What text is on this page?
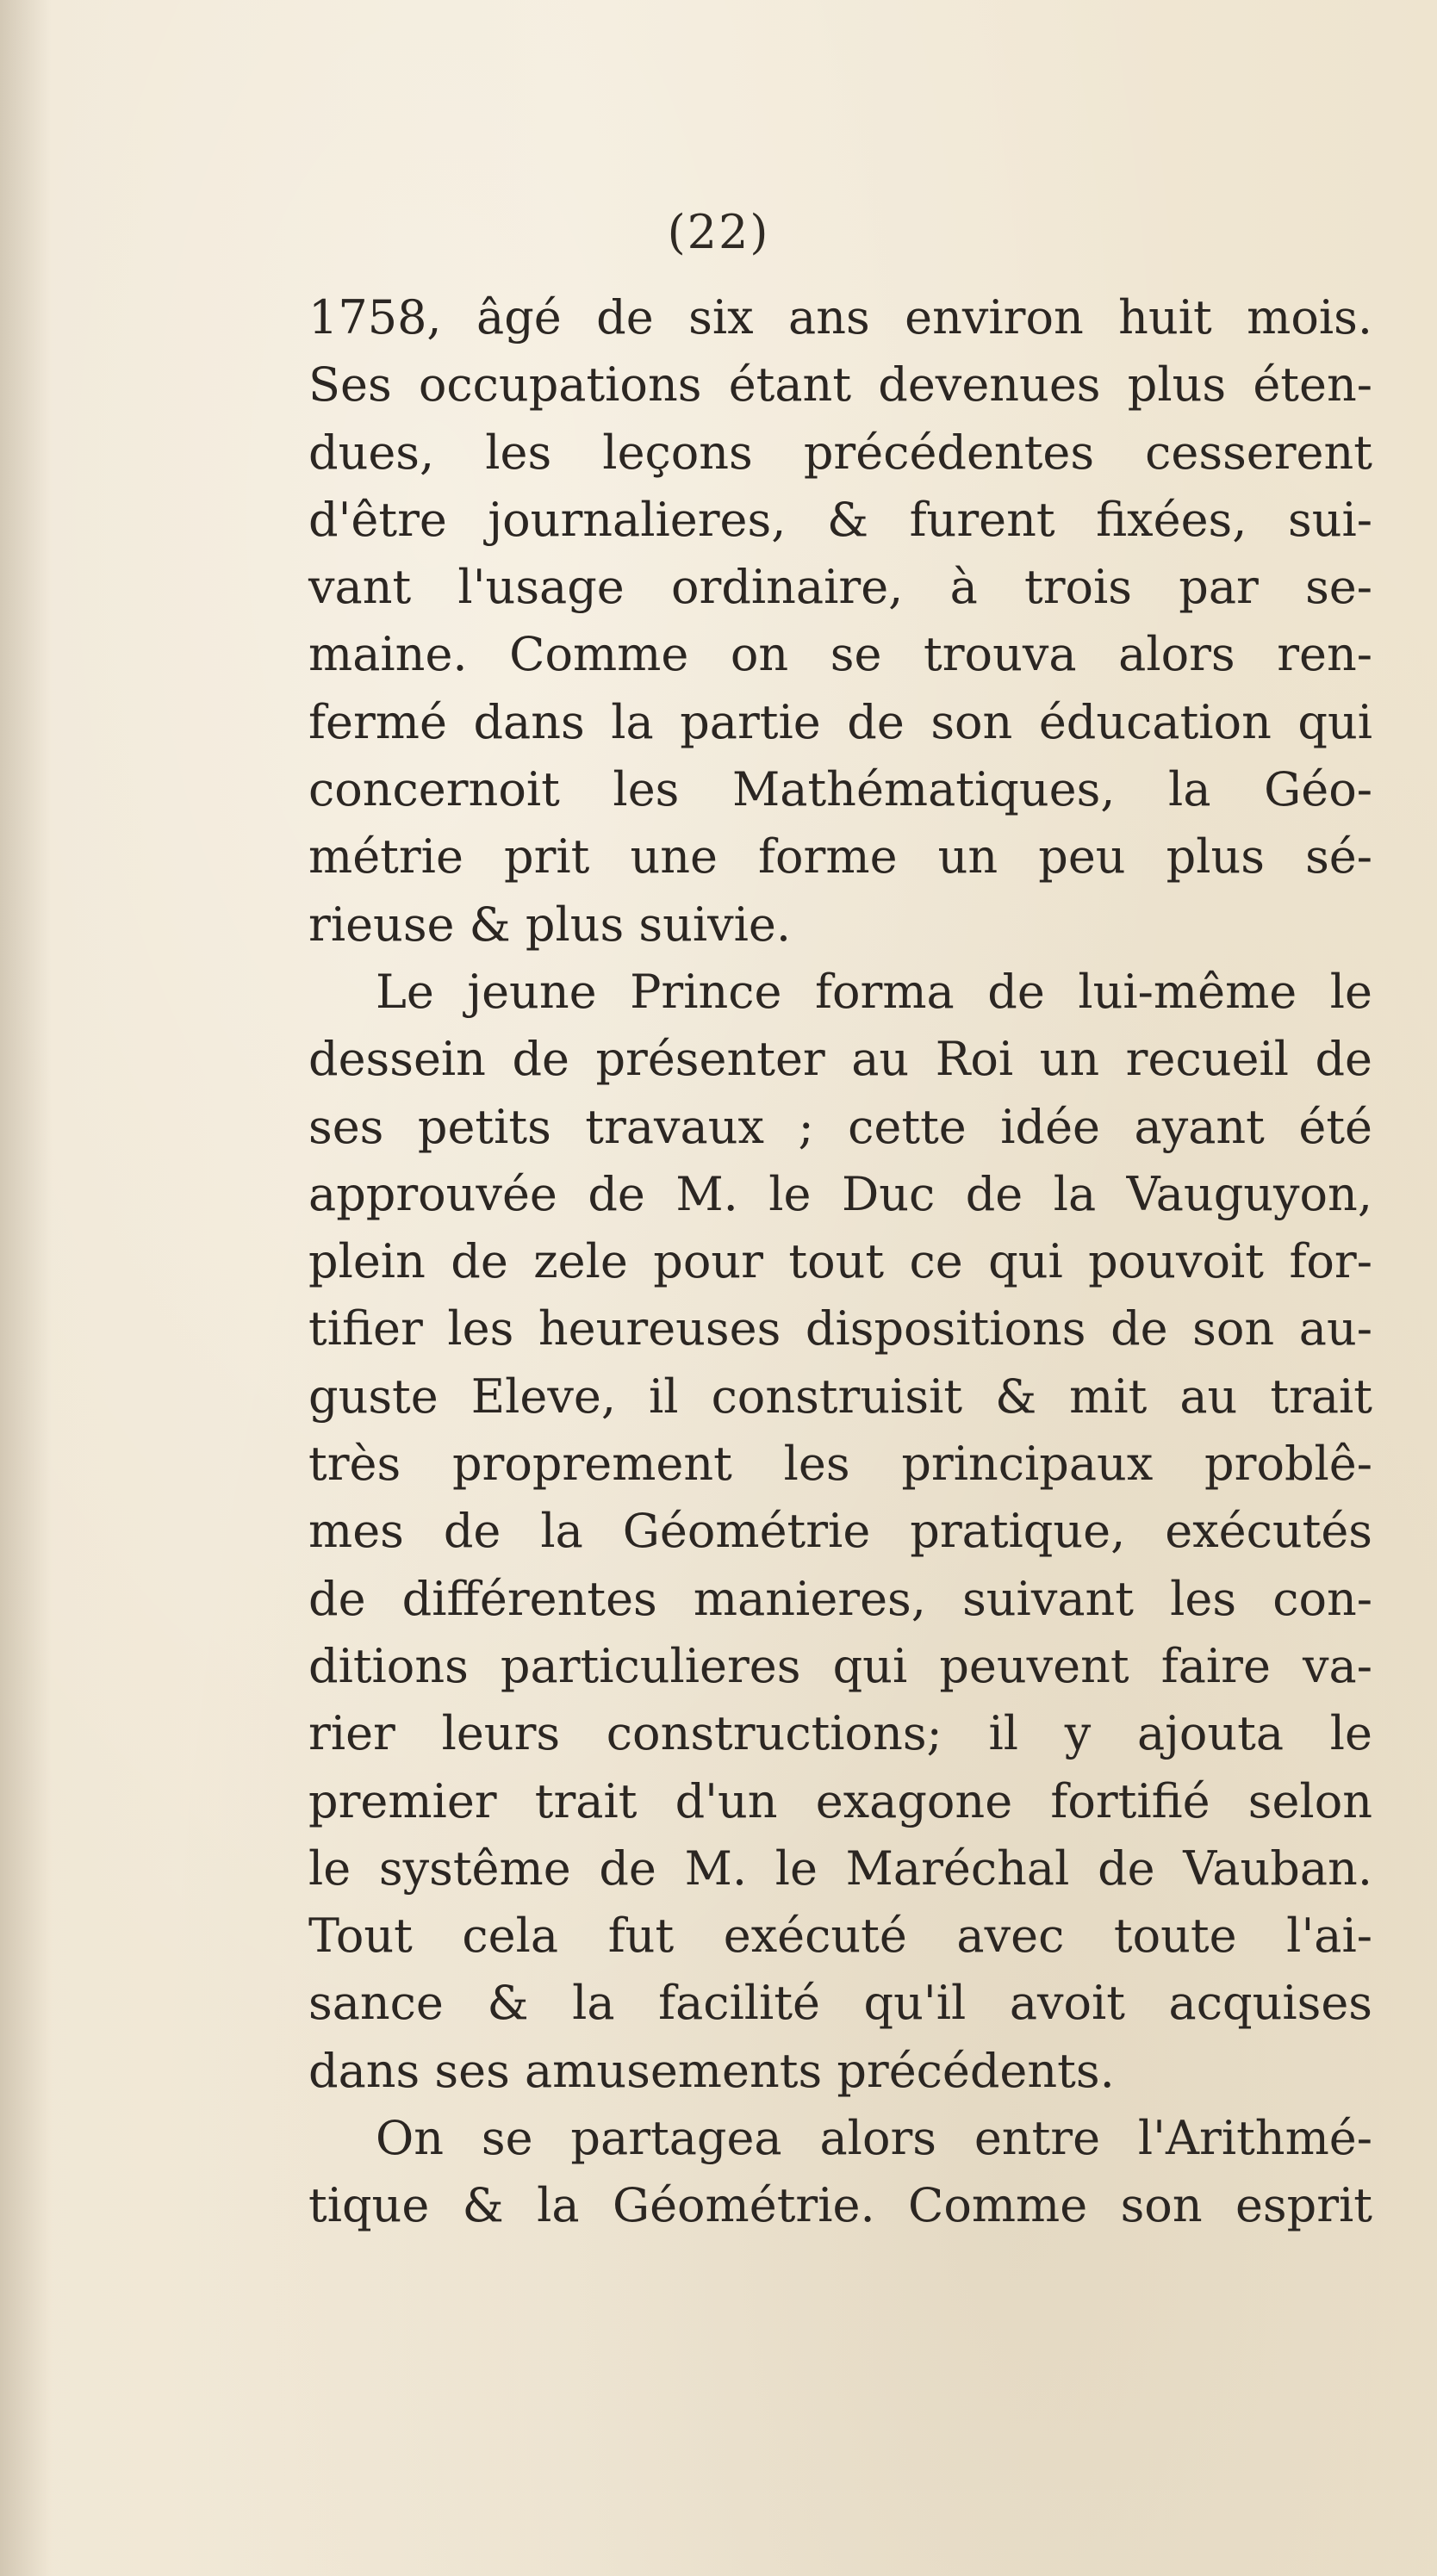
(22)
1758, âgé de six ans environ huit mois.
Ses occupations étant devenues plus éten-
dues, les leçons précédentes cesserent
d'être journalieres, & furent fixées, sui-
vant l'usage ordinaire, à trois par se-
maine. Comme on se trouva alors ren-
fermé dans la partie de son éducation qui
concernoit les Mathématiques, la Géo-
métrie prit une forme un peu plus sé-
rieuse & plus suivie.
Le jeune Prince forma de lui-même le
dessein de présenter au Roi un recueil de
ses petits travaux ; cette idée ayant été
approuvée de M. le Duc de la Vauguyon,
plein de zele pour tout ce qui pouvoit for-
tifier les heureuses dispositions de son au-
guste Eleve, il construisit & mit au trait
très proprement les principaux problê-
mes de la Géométrie pratique, exécutés
de différentes manieres, suivant les con-
ditions particulieres qui peuvent faire va-
rier leurs constructions; il y ajouta le
premier trait d'un exagone fortifié selon
le systême de M. le Maréchal de Vauban.
Tout cela fut exécuté avec toute l'ai-
sance & la facilité qu'il avoit acquises
dans ses amusements précédents.
On se partagea alors entre l'Arithmé-
tique & la Géométrie. Comme son esprit
